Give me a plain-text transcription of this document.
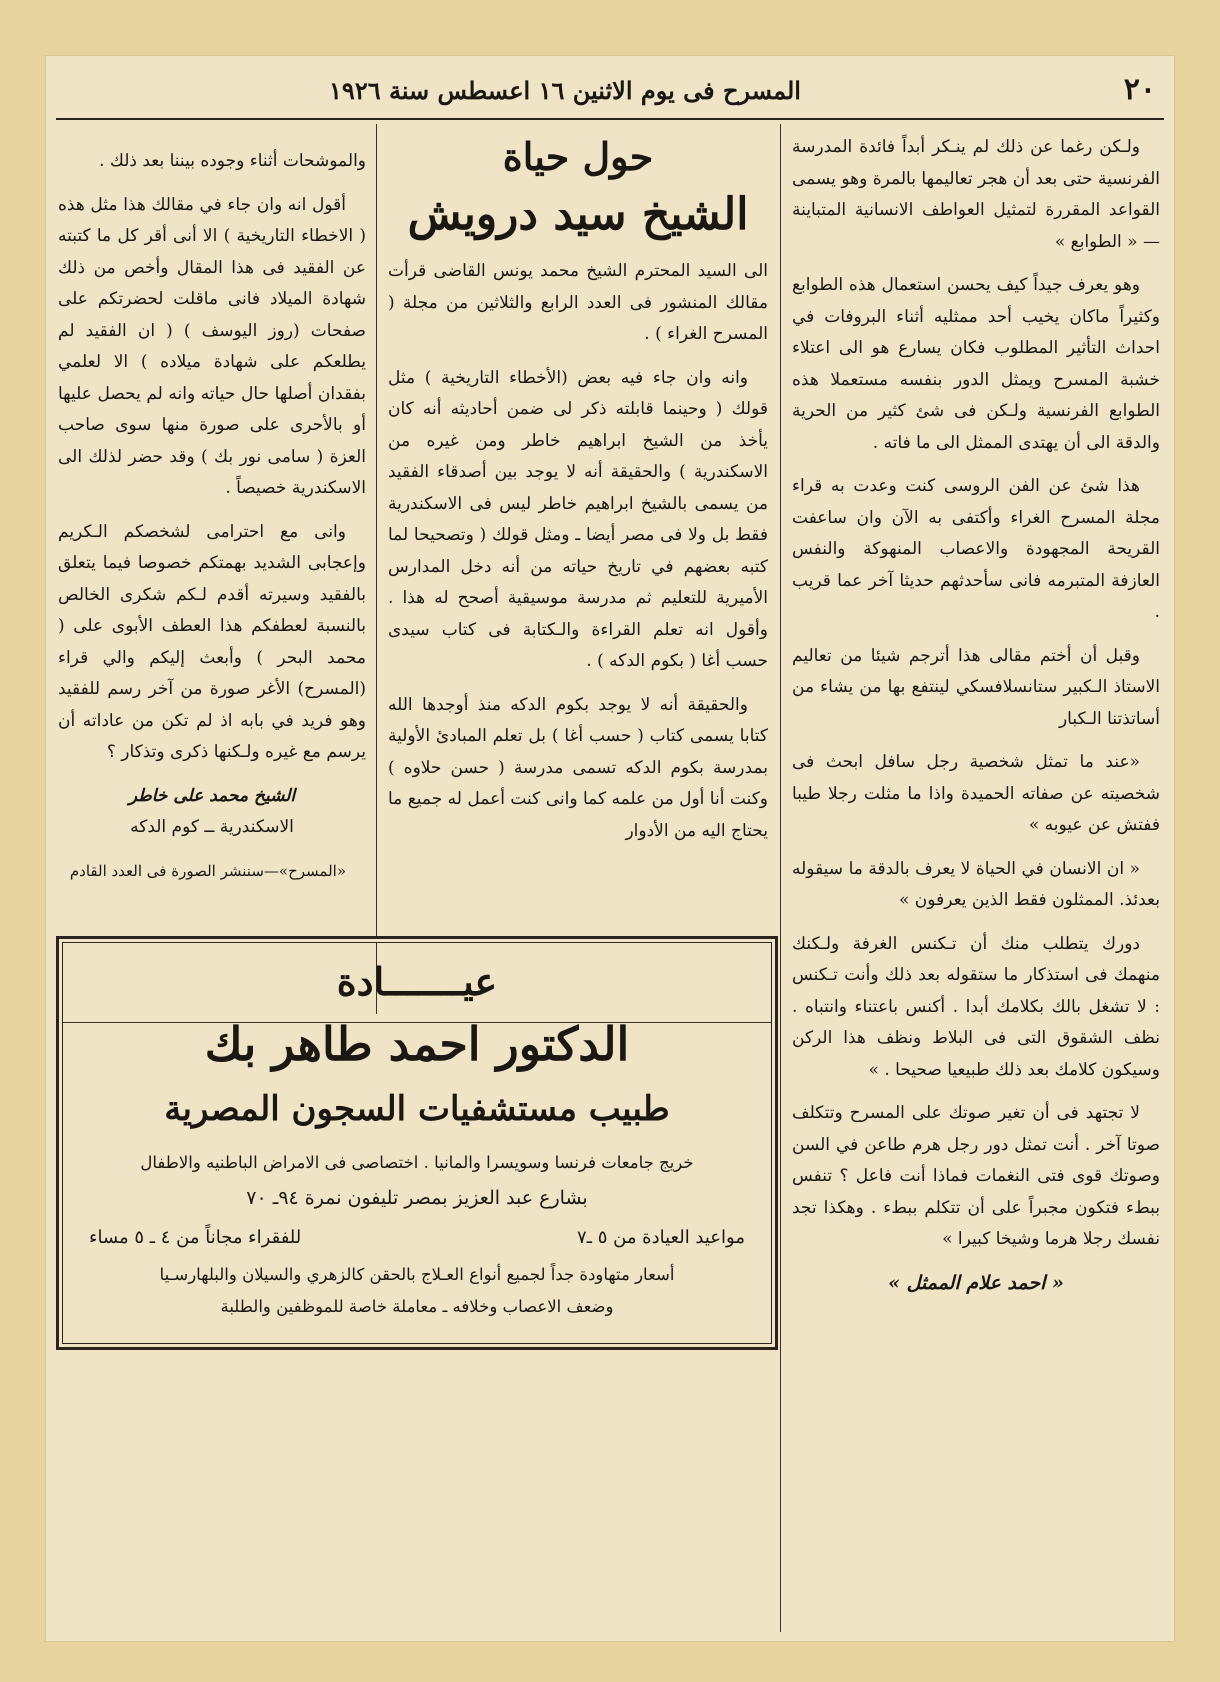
٢٠
المسرح فى يوم الاثنين ١٦ اعسطس سنة ١٩٢٦

ولـكن رغما عن ذلك لم ينـكر أبداً فائدة المدرسة الفرنسية حتى بعد أن هجر تعاليمها بالمرة وهو يسمى القواعد المقررة لتمثيل العواطف الانسانية المتباينة — « الطوابع »

وهو يعرف جيداً كيف يحسن استعمال هذه الطوابع وكثيراً ماكان يخيب أحد ممثليه أثناء البروفات في احداث التأثير المطلوب فكان يسارع هو الى اعتلاء خشبة المسرح ويمثل الدور بنفسه مستعملا هذه الطوابع الفرنسية ولـكن فى شئ كثير من الحرية والدقة الى أن يهتدى الممثل الى ما فاته .

هذا شئ عن الفن الروسى كنت وعدت به قراء مجلة المسرح الغراء وأكتفى به الآن وان ساعفت القريحة المجهودة والاعصاب المنهوكة والنفس العازفة المتبرمه فانى سأحدثهم حديثا آخر عما قريب .

وقبل أن أختم مقالى هذا أترجم شيئا من تعاليم الاستاذ الـكبير ستانسلافسكي لينتفع بها من يشاء من أساتذتنا الـكبار

«عند ما تمثل شخصية رجل سافل ابحث فى شخصيته عن صفاته الحميدة واذا ما مثلت رجلا طيبا ففتش عن عيوبه »

« ان الانسان في الحياة لا يعرف بالدقة ما سيقوله بعدئذ. الممثلون فقط الذين يعرفون »

دورك يتطلب منك أن تـكنس الغرفة ولـكنك منهمك فى استذكار ما ستقوله بعد ذلك وأنت تـكنس : لا تشغل بالك بكلامك أبدا . أكنس باعتناء وانتباه . نظف الشقوق التى فى البلاط ونظف هذا الركن وسيكون كلامك بعد ذلك طبيعيا صحيحا . »

لا تجتهد فى أن تغير صوتك على المسرح وتتكلف صوتا آخر . أنت تمثل دور رجل هرم طاعن في السن وصوتك قوى فتى النغمات فماذا أنت فاعل ؟ تنفس ببطء فتكون مجبراً على أن تتكلم ببطء . وهكذا تجد نفسك رجلا هرما وشيخا كبيرا »

« احمد علام الممثل »

حول حياة
الشيخ سيد درويش

الى السيد المحترم الشيخ محمد يونس القاضى قرأت مقالك المنشور فى العدد الرابع والثلاثين من مجلة ( المسرح الغراء ) .

وانه وان جاء فيه بعض (الأخطاء التاريخية ) مثل قولك ( وحينما قابلته ذكر لى ضمن أحاديثه أنه كان يأخذ من الشيخ ابراهيم خاطر ومن غيره من الاسكندرية ) والحقيقة أنه لا يوجد بين أصدقاء الفقيد من يسمى بالشيخ ابراهيم خاطر ليس فى الاسكندرية فقط بل ولا فى مصر أيضا ـ ومثل قولك ( وتصحيحا لما كتبه بعضهم في تاريخ حياته من أنه دخل المدارس الأميرية للتعليم ثم مدرسة موسيقية أصحح له هذا . وأقول انه تعلم القراءة والـكتابة فى كتاب سيدى حسب أغا ( بكوم الدكه ) .

والحقيقة أنه لا يوجد بكوم الدكه منذ أوجدها الله كتابا يسمى كتاب ( حسب أغا ) بل تعلم المبادئ الأولية بمدرسة بكوم الدكه تسمى مدرسة ( حسن حلاوه ) وكنت أنا أول من علمه كما وانى كنت أعمل له جميع ما يحتاج اليه من الأدوار

والموشحات أثناء وجوده بيننا بعد ذلك .

أقول انه وان جاء في مقالك هذا مثل هذه ( الاخطاء التاريخية ) الا أنى أقر كل ما كتبته عن الفقيد فى هذا المقال وأخص من ذلك شهادة الميلاد فانى ماقلت لحضرتكم على صفحات (روز اليوسف ) ( ان الفقيد لم يطلعكم على شهادة ميلاده ) الا لعلمي بفقدان أصلها حال حياته وانه لم يحصل عليها أو بالأحرى على صورة منها سوى صاحب العزة ( سامى نور بك ) وقد حضر لذلك الى الاسكندرية خصيصاً .

وانى مع احترامى لشخصكم الـكريم وإعجابى الشديد بهمتكم خصوصا فيما يتعلق بالفقيد وسيرته أقدم لـكم شكرى الخالص بالنسبة لعطفكم هذا العطف الأبوى على ( محمد البحر ) وأبعث إليكم والي قراء (المسرح) الأغر صورة من آخر رسم للفقيد وهو فريد في بابه اذ لم تكن من عاداته أن يرسم مع غيره ولـكنها ذكرى وتذكار ؟

الشيخ محمد على خاطر

الاسكندرية ــ كوم الدكه

«المسرح»—سننشر الصورة فى العدد القادم

عيـــــــادة

الدكتور احمد طاهر بك

طبيب مستشفيات السجون المصرية

خريج جامعات فرنسا وسويسرا والمانيا . اختصاصى فى الامراض الباطنيه والاطفال

بشارع عبد العزيز بمصر تليفون نمرة ٩٤ـ ٧٠

مواعيد العيادة من ٥ ـ٧
للفقراء مجاناً من ٤ ـ ٥ مساء

أسعار متهاودة جداً لجميع أنواع العـلاج بالحقن كالزهري والسيلان والبلهارسـيا

وضعف الاعصاب وخلافه ـ معاملة خاصة للموظفين والطلبة
